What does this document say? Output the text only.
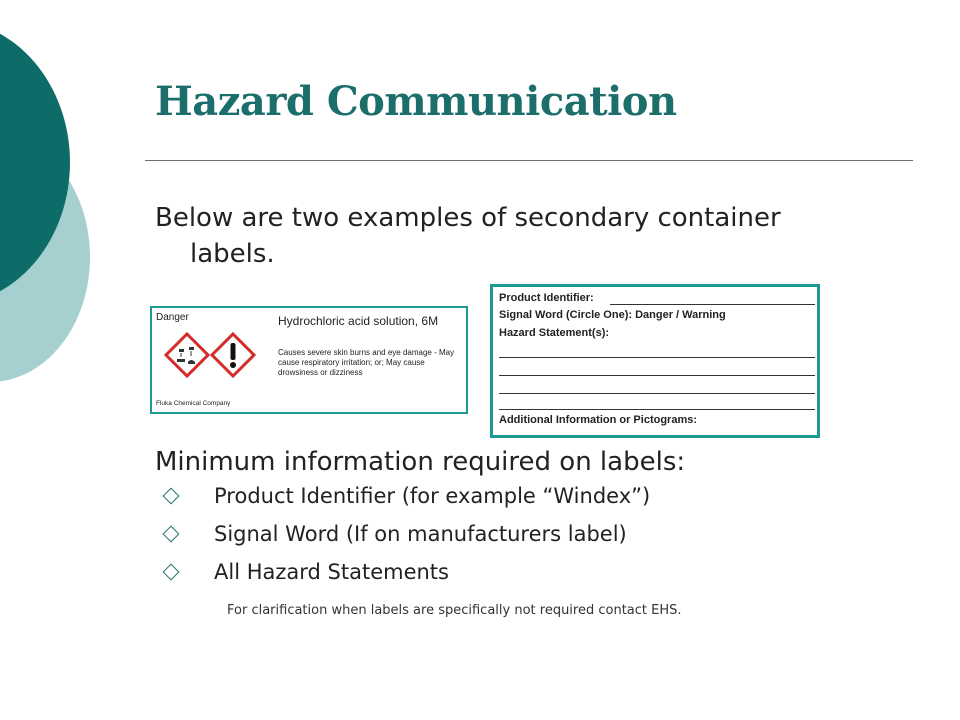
Hazard Communication

Below are two examples of secondary container labels.

Danger	Hydrochloric acid solution, 6M

Causes severe skin burns and eye damage - May cause respiratory irritation; or; May cause drowsiness or dizziness

Fluka Chemical Company
Product Identifier:
Signal Word (Circle One): Danger / Warning
Hazard Statement(s):
Additional Information or Pictograms:

Minimum information required on labels:

Product Identifier (for example “Windex”)
Signal Word (If on manufacturers label)
All Hazard Statements

For clarification when labels are specifically not required contact EHS.
